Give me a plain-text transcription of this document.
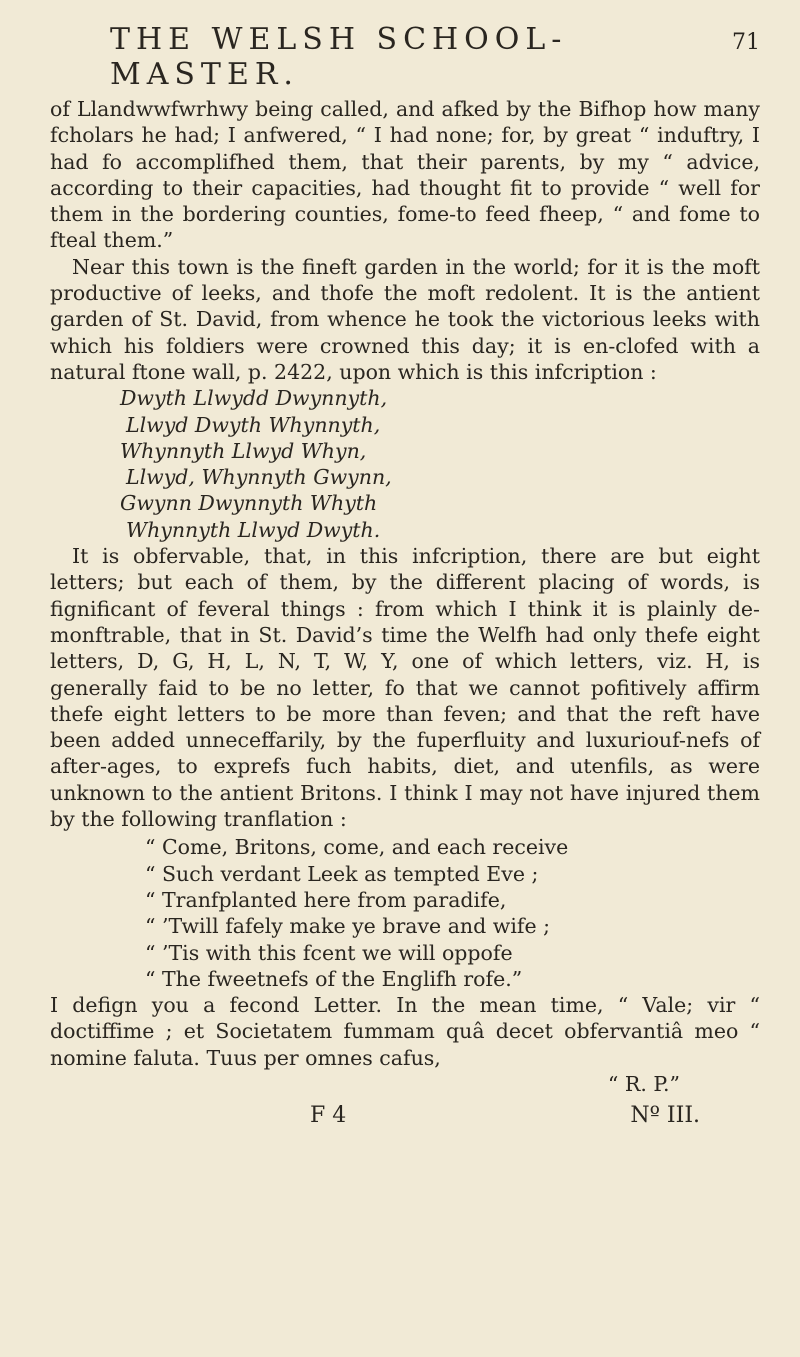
THE WELSH SCHOOL-MASTER.
71

of Llandwwfwrhwy being called, and afked by the Bifhop how many fcholars he had; I anfwered, “ I had none; for, by great “ induftry, I had fo accomplifhed them, that their parents, by my “ advice, according to their capacities, had thought fit to provide “ well for them in the bordering counties, fome-to feed fheep, “ and fome to fteal them.”

Near this town is the fineft garden in the world; for it is the moft productive of leeks, and thofe the moft redolent. It is the antient garden of St. David, from whence he took the victorious leeks with which his foldiers were crowned this day; it is en-clofed with a natural ftone wall, p. 2422, upon which is this infcription :

Dwyth Llwydd Dwynnyth,
Llwyd Dwyth Whynnyth,
Whynnyth Llwyd Whyn,
Llwyd, Whynnyth Gwynn,
Gwynn Dwynnyth Whyth
Whynnyth Llwyd Dwyth.

It is obfervable, that, in this infcription, there are but eight letters; but each of them, by the different placing of words, is fignificant of feveral things : from which I think it is plainly de-monftrable, that in St. David’s time the Welfh had only thefe eight letters, D, G, H, L, N, T, W, Y, one of which letters, viz. H, is generally faid to be no letter, fo that we cannot pofitively affirm thefe eight letters to be more than feven; and that the reft have been added unneceffarily, by the fuperfluity and luxuriouf-nefs of after-ages, to exprefs fuch habits, diet, and utenfils, as were unknown to the antient Britons. I think I may not have injured them by the following tranflation :

“ Come, Britons, come, and each receive
“ Such verdant Leek as tempted Eve ;
“ Tranfplanted here from paradife,
“ ’Twill fafely make ye brave and wife ;
“ ’Tis with this fcent we will oppofe
“ The fweetnefs of the Englifh rofe.”

I defign you a fecond Letter. In the mean time, “ Vale; vir “ doctiffime ; et Societatem fummam quâ decet obfervantiâ meo “ nomine faluta. Tuus per omnes cafus,

“ R. P.”
F 4	Nº III.
